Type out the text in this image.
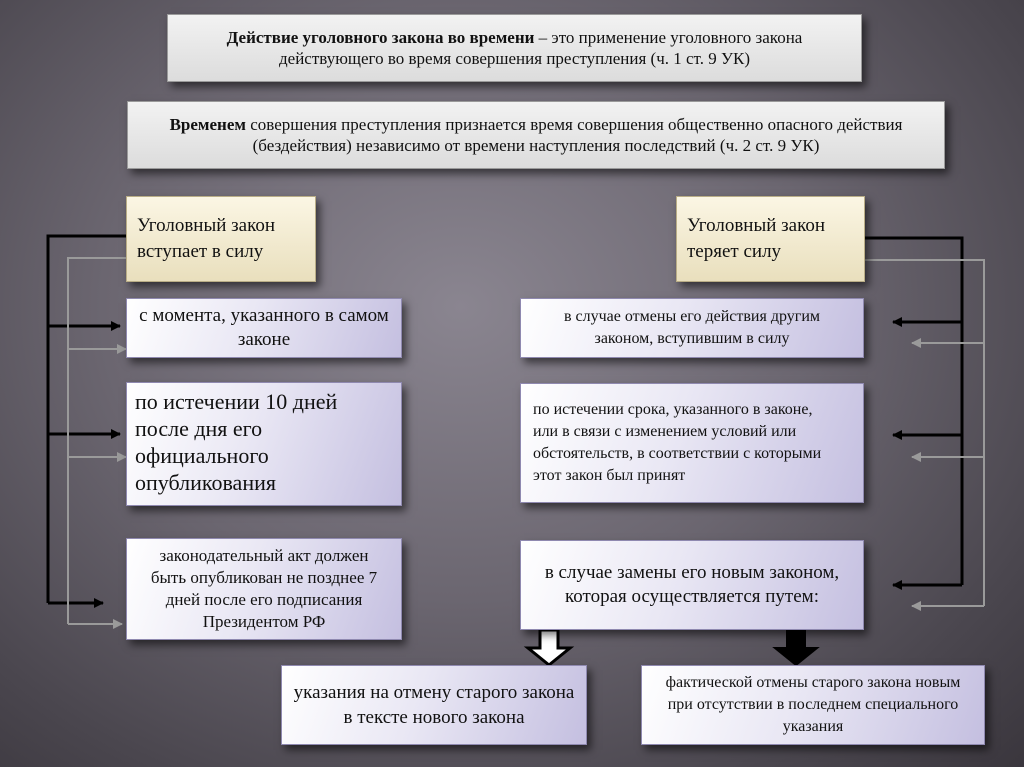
Действие уголовного закона во времени – это применение уголовного закона действующего во время совершения преступления (ч. 1 ст. 9 УК)
Временем совершения преступления признается время совершения общественно опасного действия (бездействия) независимо от времени наступления последствий (ч. 2 ст. 9 УК)
Уголовный закон вступает в силу
Уголовный закон теряет силу
с момента, указанного в самом законе
по истечении 10 дней после дня его официального опубликования
законодательный акт должен быть опубликован не позднее 7 дней после его подписания Президентом РФ
в случае отмены его действия другим законом, вступившим в силу
по истечении срока, указанного в законе, или в связи с изменением условий или обстоятельств, в соответствии с которыми этот закон был принят
в случае замены его новым законом, которая осуществляется путем:
указания на отмену старого закона в тексте нового закона
фактической отмены старого закона новым при отсутствии в последнем специального указания
